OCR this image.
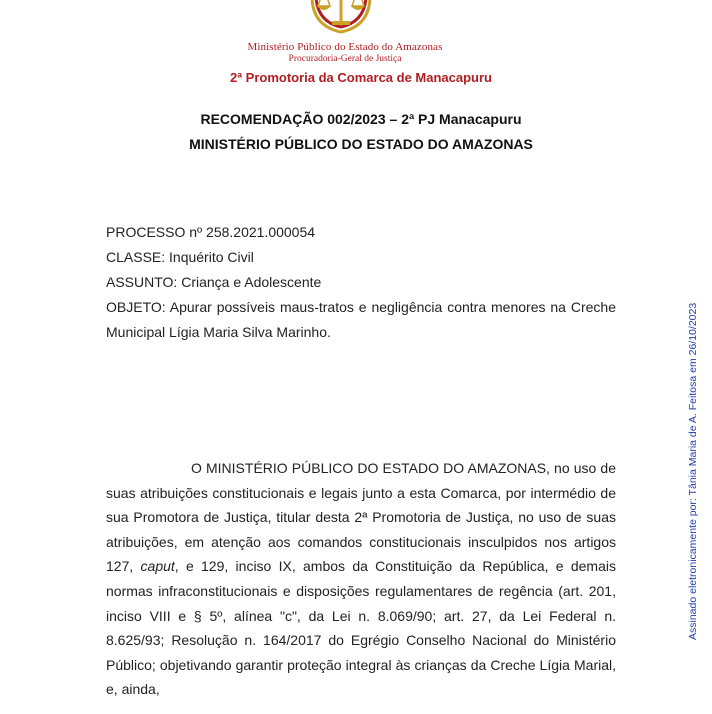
Ministério Público do Estado do Amazonas
Procuradoria-Geral de Justiça
2ª Promotoria da Comarca de Manacapuru
RECOMENDAÇÃO 002/2023 – 2ª PJ Manacapuru
MINISTÉRIO PÚBLICO DO ESTADO DO AMAZONAS
PROCESSO nº 258.2021.000054
CLASSE: Inquérito Civil
ASSUNTO: Criança e Adolescente
OBJETO: Apurar possíveis maus-tratos e negligência contra menores na Creche Municipal Lígia Maria Silva Marinho.
O MINISTÉRIO PÚBLICO DO ESTADO DO AMAZONAS, no uso de suas atribuições constitucionais e legais junto a esta Comarca, por intermédio de sua Promotora de Justiça, titular desta 2ª Promotoria de Justiça, no uso de suas atribuições, em atenção aos comandos constitucionais insculpidos nos artigos 127, caput, e 129, inciso IX, ambos da Constituição da República, e demais normas infraconstitucionais e disposições regulamentares de regência (art. 201, inciso VIII e § 5º, alínea "c", da Lei n. 8.069/90; art. 27, da Lei Federal n. 8.625/93; Resolução n. 164/2017 do Egrégio Conselho Nacional do Ministério Público; objetivando garantir proteção integral às crianças da Creche Lígia Marial, e, ainda,
Assinado eletronicamente por: Tânia Maria de A. Feitosa em 26/10/2023
